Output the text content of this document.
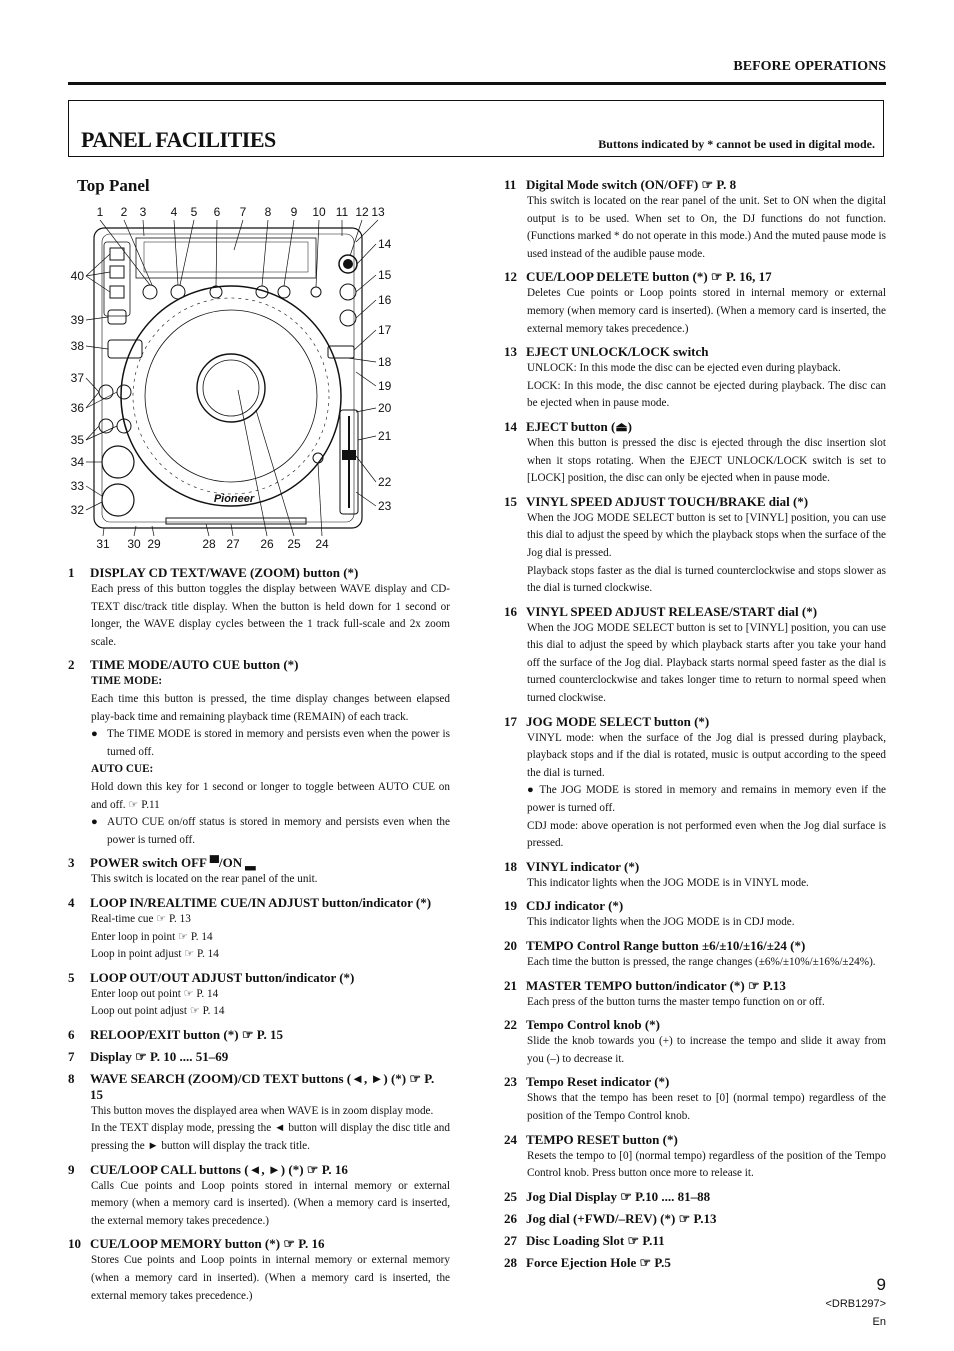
BEFORE OPERATIONS
PANEL FACILITIES	Buttons indicated by * cannot be used in digital mode.
Top Panel
Pioneer
1 2 3 4 5 6 7 8 9 10 11 12 13
14
15
16
17
18
19
20
21
22
23
40
39
38
37
36
35
34
33
32
31 30 29	28 27 26 25 24
1	DISPLAY CD TEXT/WAVE (ZOOM) button (*)
Each press of this button toggles the display between WAVE display and CD-TEXT disc/track title display. When the button is held down for 1 second or longer, the WAVE display cycles between the 1 track full-scale and 2x zoom scale.
2	TIME MODE/AUTO CUE button (*)
TIME MODE:
Each time this button is pressed, the time display changes between elapsed play-back time and remaining playback time (REMAIN) of each track.
● The TIME MODE is stored in memory and persists even when the power is turned off.
AUTO CUE:
Hold down this key for 1 second or longer to toggle between AUTO CUE on and off. ☞ P.11
● AUTO CUE on/off status is stored in memory and persists even when the power is turned off.
3	POWER switch OFF ▀/ON ▂
This switch is located on the rear panel of the unit.
4	LOOP IN/REALTIME CUE/IN ADJUST button/indicator (*)
Real-time cue ☞ P. 13
Enter loop in point ☞ P. 14
Loop in point adjust ☞ P. 14
5	LOOP OUT/OUT ADJUST button/indicator (*)
Enter loop out point ☞ P. 14
Loop out point adjust ☞ P. 14
6	RELOOP/EXIT button (*) ☞ P. 15
7	Display ☞ P. 10 .... 51–69
8	WAVE SEARCH (ZOOM)/CD TEXT buttons (◄, ►) (*) ☞ P. 15
This button moves the displayed area when WAVE is in zoom display mode.
In the TEXT display mode, pressing the ◄ button will display the disc title and pressing the ► button will display the track title.
9	CUE/LOOP CALL buttons (◄, ►) (*) ☞ P. 16
Calls Cue points and Loop points stored in internal memory or external memory (when a memory card is inserted). (When a memory card is inserted, the external memory takes precedence.)
10 CUE/LOOP MEMORY button (*) ☞ P. 16
Stores Cue points and Loop points in internal memory or external memory (when a memory card in inserted). (When a memory card is inserted, the external memory takes precedence.)
11 Digital Mode switch (ON/OFF) ☞ P. 8
This switch is located on the rear panel of the unit. Set to ON when the digital output is to be used. When set to On, the DJ functions do not function. (Functions marked * do not operate in this mode.) And the muted pause mode is used instead of the audible pause mode.
12 CUE/LOOP DELETE button (*) ☞ P. 16, 17
Deletes Cue points or Loop points stored in internal memory or external memory (when memory card is inserted). (When a memory card is inserted, the external memory takes precedence.)
13 EJECT UNLOCK/LOCK switch
UNLOCK: In this mode the disc can be ejected even during playback.
LOCK: In this mode, the disc cannot be ejected during playback. The disc can be ejected when in pause mode.
14 EJECT button (⏏)
When this button is pressed the disc is ejected through the disc insertion slot when it stops rotating. When the EJECT UNLOCK/LOCK switch is set to [LOCK] position, the disc can only be ejected when in pause mode.
15 VINYL SPEED ADJUST TOUCH/BRAKE dial (*)
When the JOG MODE SELECT button is set to [VINYL] position, you can use this dial to adjust the speed by which the playback stops when the surface of the Jog dial is pressed.
Playback stops faster as the dial is turned counterclockwise and stops slower as the dial is turned clockwise.
16 VINYL SPEED ADJUST RELEASE/START dial (*)
When the JOG MODE SELECT button is set to [VINYL] position, you can use this dial to adjust the speed by which playback starts after you take your hand off the surface of the Jog dial. Playback starts normal speed faster as the dial is turned counterclockwise and takes longer time to return to normal speed when turned clockwise.
17 JOG MODE SELECT button (*)
VINYL mode: when the surface of the Jog dial is pressed during playback, playback stops and if the dial is rotated, music is output according to the speed the dial is turned.
● The JOG MODE is stored in memory and remains in memory even if the power is turned off.
CDJ mode: above operation is not performed even when the Jog dial surface is pressed.
18 VINYL indicator (*)
This indicator lights when the JOG MODE is in VINYL mode.
19 CDJ indicator (*)
This indicator lights when the JOG MODE is in CDJ mode.
20 TEMPO Control Range button ±6/±10/±16/±24 (*)
Each time the button is pressed, the range changes (±6%/±10%/±16%/±24%).
21 MASTER TEMPO button/indicator (*) ☞ P.13
Each press of the button turns the master tempo function on or off.
22 Tempo Control knob (*)
Slide the knob towards you (+) to increase the tempo and slide it away from you (–) to decrease it.
23 Tempo Reset indicator (*)
Shows that the tempo has been reset to [0] (normal tempo) regardless of the position of the Tempo Control knob.
24 TEMPO RESET button (*)
Resets the tempo to [0] (normal tempo) regardless of the position of the Tempo Control knob. Press button once more to release it.
25 Jog Dial Display ☞ P.10 .... 81–88
26 Jog dial (+FWD/–REV) (*) ☞ P.13
27 Disc Loading Slot ☞ P.11
28 Force Ejection Hole ☞ P.5
9
<DRB1297>
En
